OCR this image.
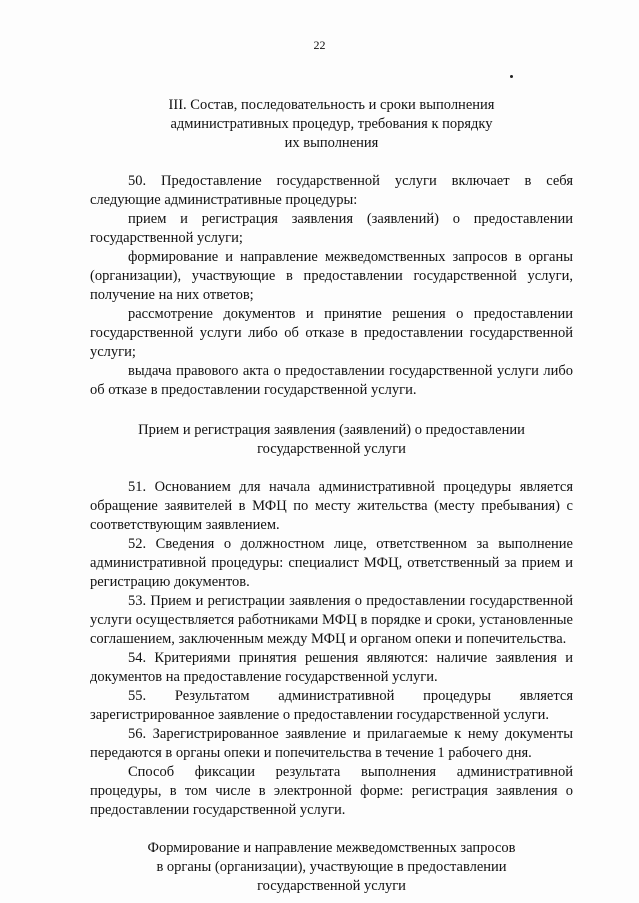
22
III. Состав, последовательность и сроки выполнения
административных процедур, требования к порядку
их выполнения

50. Предоставление государственной услуги включает в себя следующие административные процедуры:

прием и регистрация заявления (заявлений) о предоставлении государственной услуги;

формирование и направление межведомственных запросов в органы (организации), участвующие в предоставлении государственной услуги, получение на них ответов;

рассмотрение документов и принятие решения о предоставлении государственной услуги либо об отказе в предоставлении государственной услуги;

выдача правового акта о предоставлении государственной услуги либо об отказе в предоставлении государственной услуги.

Прием и регистрация заявления (заявлений) о предоставлении
государственной услуги

51. Основанием для начала административной процедуры является обращение заявителей в МФЦ по месту жительства (месту пребывания) с соответствующим заявлением.

52. Сведения о должностном лице, ответственном за выполнение административной процедуры: специалист МФЦ, ответственный за прием и регистрацию документов.

53. Прием и регистрации заявления о предоставлении государственной услуги осуществляется работниками МФЦ в порядке и сроки, установленные соглашением, заключенным между МФЦ и органом опеки и попечительства.

54. Критериями принятия решения являются: наличие заявления и документов на предоставление государственной услуги.

55. Результатом административной процедуры является зарегистрированное заявление о предоставлении государственной услуги.

56. Зарегистрированное заявление и прилагаемые к нему документы передаются в органы опеки и попечительства в течение 1 рабочего дня.

Способ фиксации результата выполнения административной процедуры, в том числе в электронной форме: регистрация заявления о предоставлении государственной услуги.

Формирование и направление межведомственных запросов
в органы (организации), участвующие в предоставлении
государственной услуги
